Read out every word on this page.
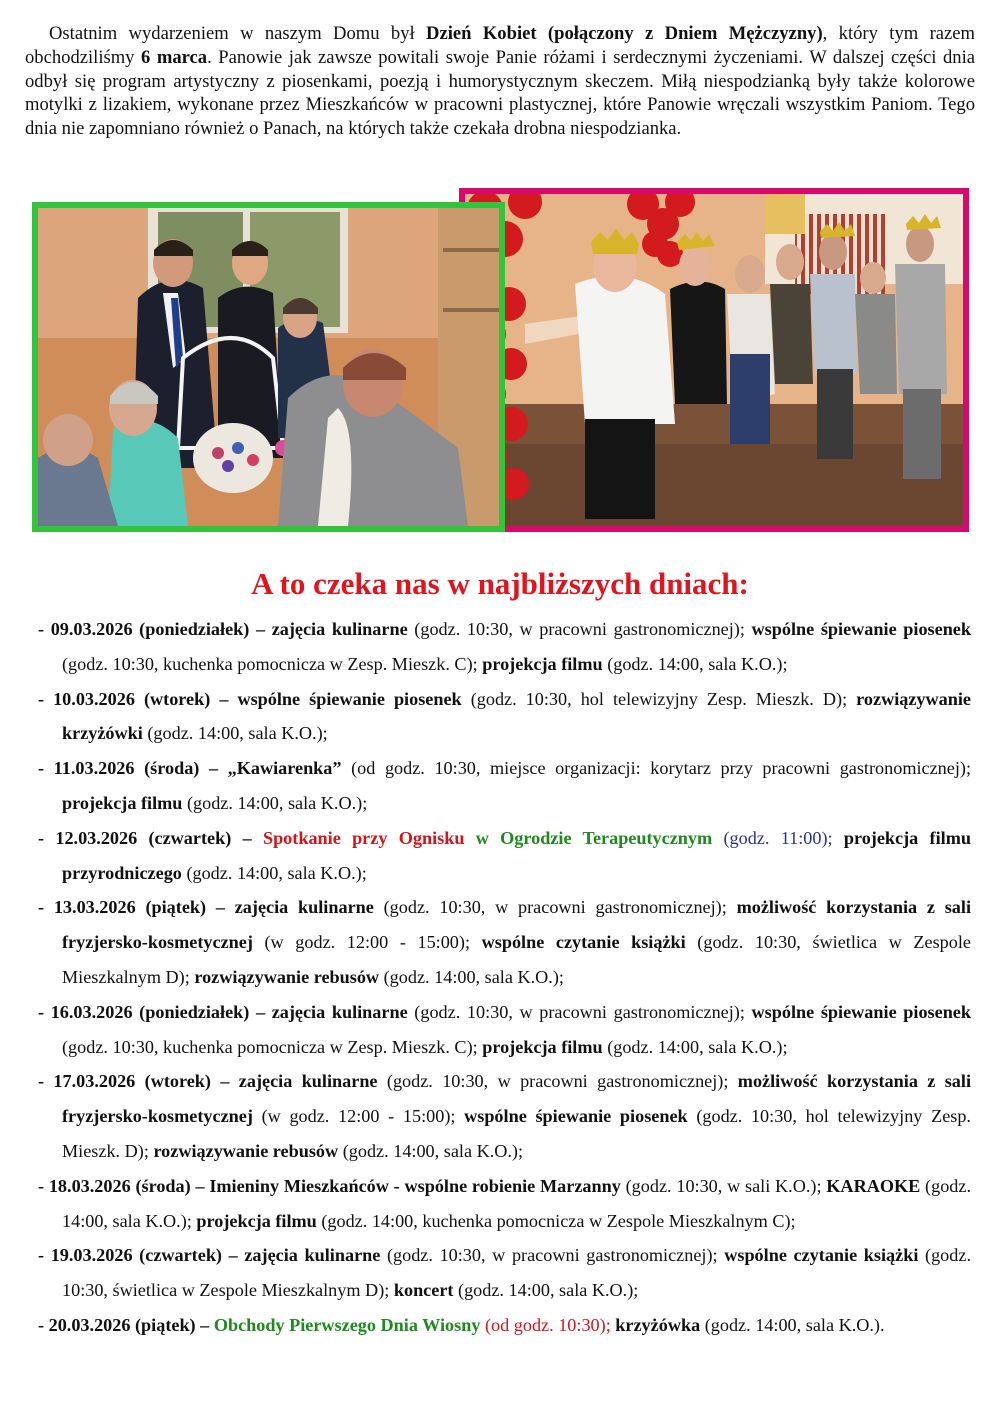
Ostatnim wydarzeniem w naszym Domu był Dzień Kobiet (połączony z Dniem Mężczyzny), który tym razem obchodziliśmy 6 marca. Panowie jak zawsze powitali swoje Panie różami i serdecznymi życzeniami. W dalszej części dnia odbył się program artystyczny z piosenkami, poezją i humorystycznym skeczem. Miłą niespodzianką były także kolorowe motylki z lizakiem, wykonane przez Mieszkańców w pracowni plastycznej, które Panowie wręczali wszystkim Paniom. Tego dnia nie zapomniano również o Panach, na których także czekała drobna niespodzianka.

A to czeka nas w najbliższych dniach:
- 09.03.2026 (poniedziałek) – zajęcia kulinarne (godz. 10:30, w pracowni gastronomicznej); wspólne śpiewanie piosenek (godz. 10:30, kuchenka pomocnicza w Zesp. Mieszk. C); projekcja filmu (godz. 14:00, sala K.O.);
- 10.03.2026 (wtorek) – wspólne śpiewanie piosenek (godz. 10:30, hol telewizyjny Zesp. Mieszk. D); rozwiązywanie krzyżówki (godz. 14:00, sala K.O.);
- 11.03.2026 (środa) – „Kawiarenka” (od godz. 10:30, miejsce organizacji: korytarz przy pracowni gastronomicznej); projekcja filmu (godz. 14:00, sala K.O.);
- 12.03.2026 (czwartek) – Spotkanie przy Ognisku w Ogrodzie Terapeutycznym (godz. 11:00); projekcja filmu przyrodniczego (godz. 14:00, sala K.O.);
- 13.03.2026 (piątek) – zajęcia kulinarne (godz. 10:30, w pracowni gastronomicznej); możliwość korzystania z sali fryzjersko-kosmetycznej (w godz. 12:00 - 15:00); wspólne czytanie książki (godz. 10:30, świetlica w Zespole Mieszkalnym D); rozwiązywanie rebusów (godz. 14:00, sala K.O.);
- 16.03.2026 (poniedziałek) – zajęcia kulinarne (godz. 10:30, w pracowni gastronomicznej); wspólne śpiewanie piosenek (godz. 10:30, kuchenka pomocnicza w Zesp. Mieszk. C); projekcja filmu (godz. 14:00, sala K.O.);
- 17.03.2026 (wtorek) – zajęcia kulinarne (godz. 10:30, w pracowni gastronomicznej); możliwość korzystania z sali fryzjersko-kosmetycznej (w godz. 12:00 - 15:00); wspólne śpiewanie piosenek (godz. 10:30, hol telewizyjny Zesp. Mieszk. D); rozwiązywanie rebusów (godz. 14:00, sala K.O.);
- 18.03.2026 (środa) – Imieniny Mieszkańców - wspólne robienie Marzanny (godz. 10:30, w sali K.O.); KARAOKE (godz. 14:00, sala K.O.); projekcja filmu (godz. 14:00, kuchenka pomocnicza w Zespole Mieszkalnym C);
- 19.03.2026 (czwartek) – zajęcia kulinarne (godz. 10:30, w pracowni gastronomicznej); wspólne czytanie książki (godz. 10:30, świetlica w Zespole Mieszkalnym D); koncert (godz. 14:00, sala K.O.);
- 20.03.2026 (piątek) – Obchody Pierwszego Dnia Wiosny (od godz. 10:30); krzyżówka (godz. 14:00, sala K.O.).
